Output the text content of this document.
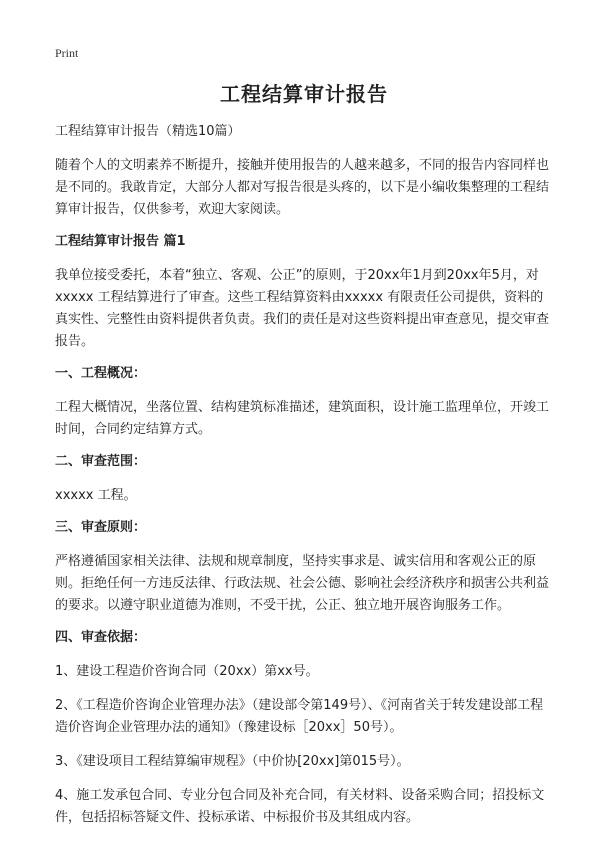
Print
工程结算审计报告
工程结算审计报告（精选10篇）

随着个人的文明素养不断提升，接触并使用报告的人越来越多，不同的报告内容同样也是不同的。我敢肯定，大部分人都对写报告很是头疼的，以下是小编收集整理的工程结算审计报告，仅供参考，欢迎大家阅读。

工程结算审计报告 篇1

我单位接受委托，本着“独立、客观、公正”的原则，于20xx年1月到20xx年5月，对xxxxx 工程结算进行了审查。这些工程结算资料由xxxxx 有限责任公司提供，资料的真实性、完整性由资料提供者负责。我们的责任是对这些资料提出审查意见，提交审查报告。

一、工程概况：

工程大概情况，坐落位置、结构建筑标准描述，建筑面积，设计施工监理单位，开竣工时间，合同约定结算方式。

二、审查范围：

xxxxx 工程。

三、审查原则：

严格遵循国家相关法律、法规和规章制度，坚持实事求是、诚实信用和客观公正的原则。拒绝任何一方违反法律、行政法规、社会公德、影响社会经济秩序和损害公共利益的要求。以遵守职业道德为准则，不受干扰，公正、独立地开展咨询服务工作。

四、审查依据：

1、建设工程造价咨询合同（20xx）第xx号。

2、《工程造价咨询企业管理办法》（建设部令第149号）、《河南省关于转发建设部工程造价咨询企业管理办法的通知》（豫建设标［20xx］50号）。

3、《建设项目工程结算编审规程》（中价协[20xx]第015号）。

4、施工发承包合同、专业分包合同及补充合同，有关材料、设备采购合同；招投标文件，包括招标答疑文件、投标承诺、中标报价书及其组成内容。
